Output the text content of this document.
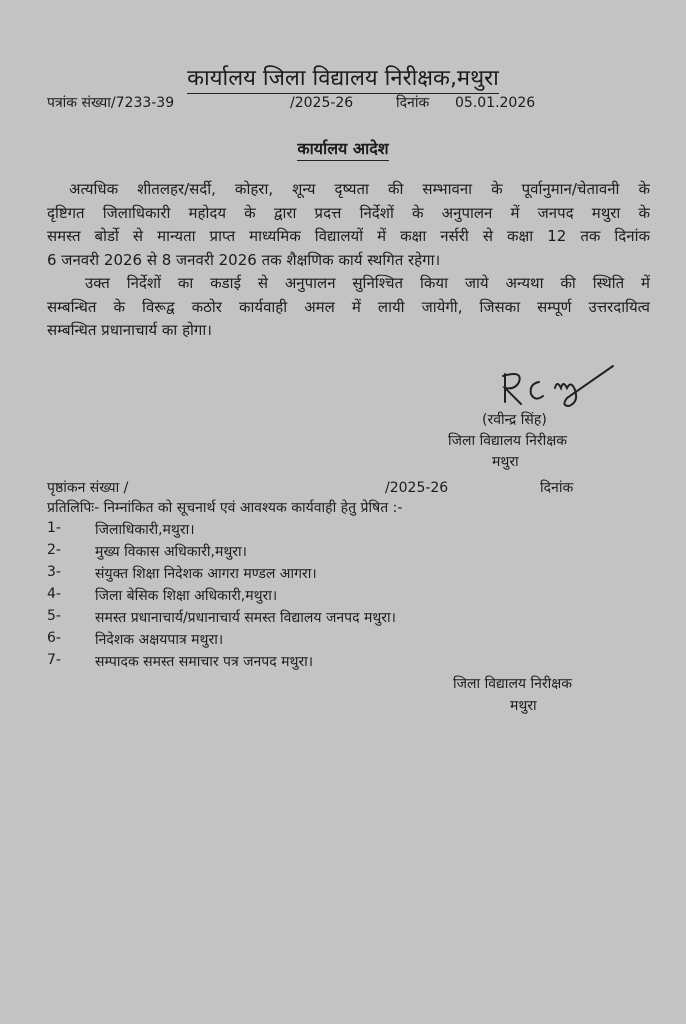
कार्यालय जिला विद्यालय निरीक्षक,मथुरा
पत्रांक संख्या/7233-39	/2025-26	दिनांक 05.01.2026
कार्यालय आदेश
अत्यधिक शीतलहर/सर्दी, कोहरा, शून्य दृष्यता की सम्भावना के पूर्वानुमान/चेतावनी के
दृष्टिगत जिलाधिकारी महोदय के द्वारा प्रदत्त निर्देशों के अनुपालन में जनपद मथुरा के
समस्त बोर्डो से मान्यता प्राप्त माध्यमिक विद्यालयों में कक्षा नर्सरी से कक्षा 12 तक दिनांक
6 जनवरी 2026 से 8 जनवरी 2026 तक शैक्षणिक कार्य स्थगित रहेगा।
उक्त निर्देशों का कडाई से अनुपालन सुनिश्चित किया जाये अन्यथा की स्थिति में
सम्बन्धित के विरूद्व कठोर कार्यवाही अमल में लायी जायेगी, जिसका सम्पूर्ण उत्तरदायित्व
सम्बन्धित प्रधानाचार्य का होगा।
(रवीन्द्र सिंह)
जिला विद्यालय निरीक्षक
मथुरा
पृष्ठांकन संख्या /	/2025-26	दिनांक
प्रतिलिपिः- निम्नांकित को सूचनार्थ एवं आवश्यक कार्यवाही हेतु प्रेषित :-
1-	जिलाधिकारी,मथुरा।
2-	मुख्य विकास अधिकारी,मथुरा।
3-	संयुक्त शिक्षा निदेशक आगरा मण्डल आगरा।
4-	जिला बेसिक शिक्षा अधिकारी,मथुरा।
5-	समस्त प्रधानाचार्य/प्रधानाचार्य समस्त विद्यालय जनपद मथुरा।
6-	निदेशक अक्षयपात्र मथुरा।
7-	सम्पादक समस्त समाचार पत्र जनपद मथुरा।
जिला विद्यालय निरीक्षक
मथुरा
